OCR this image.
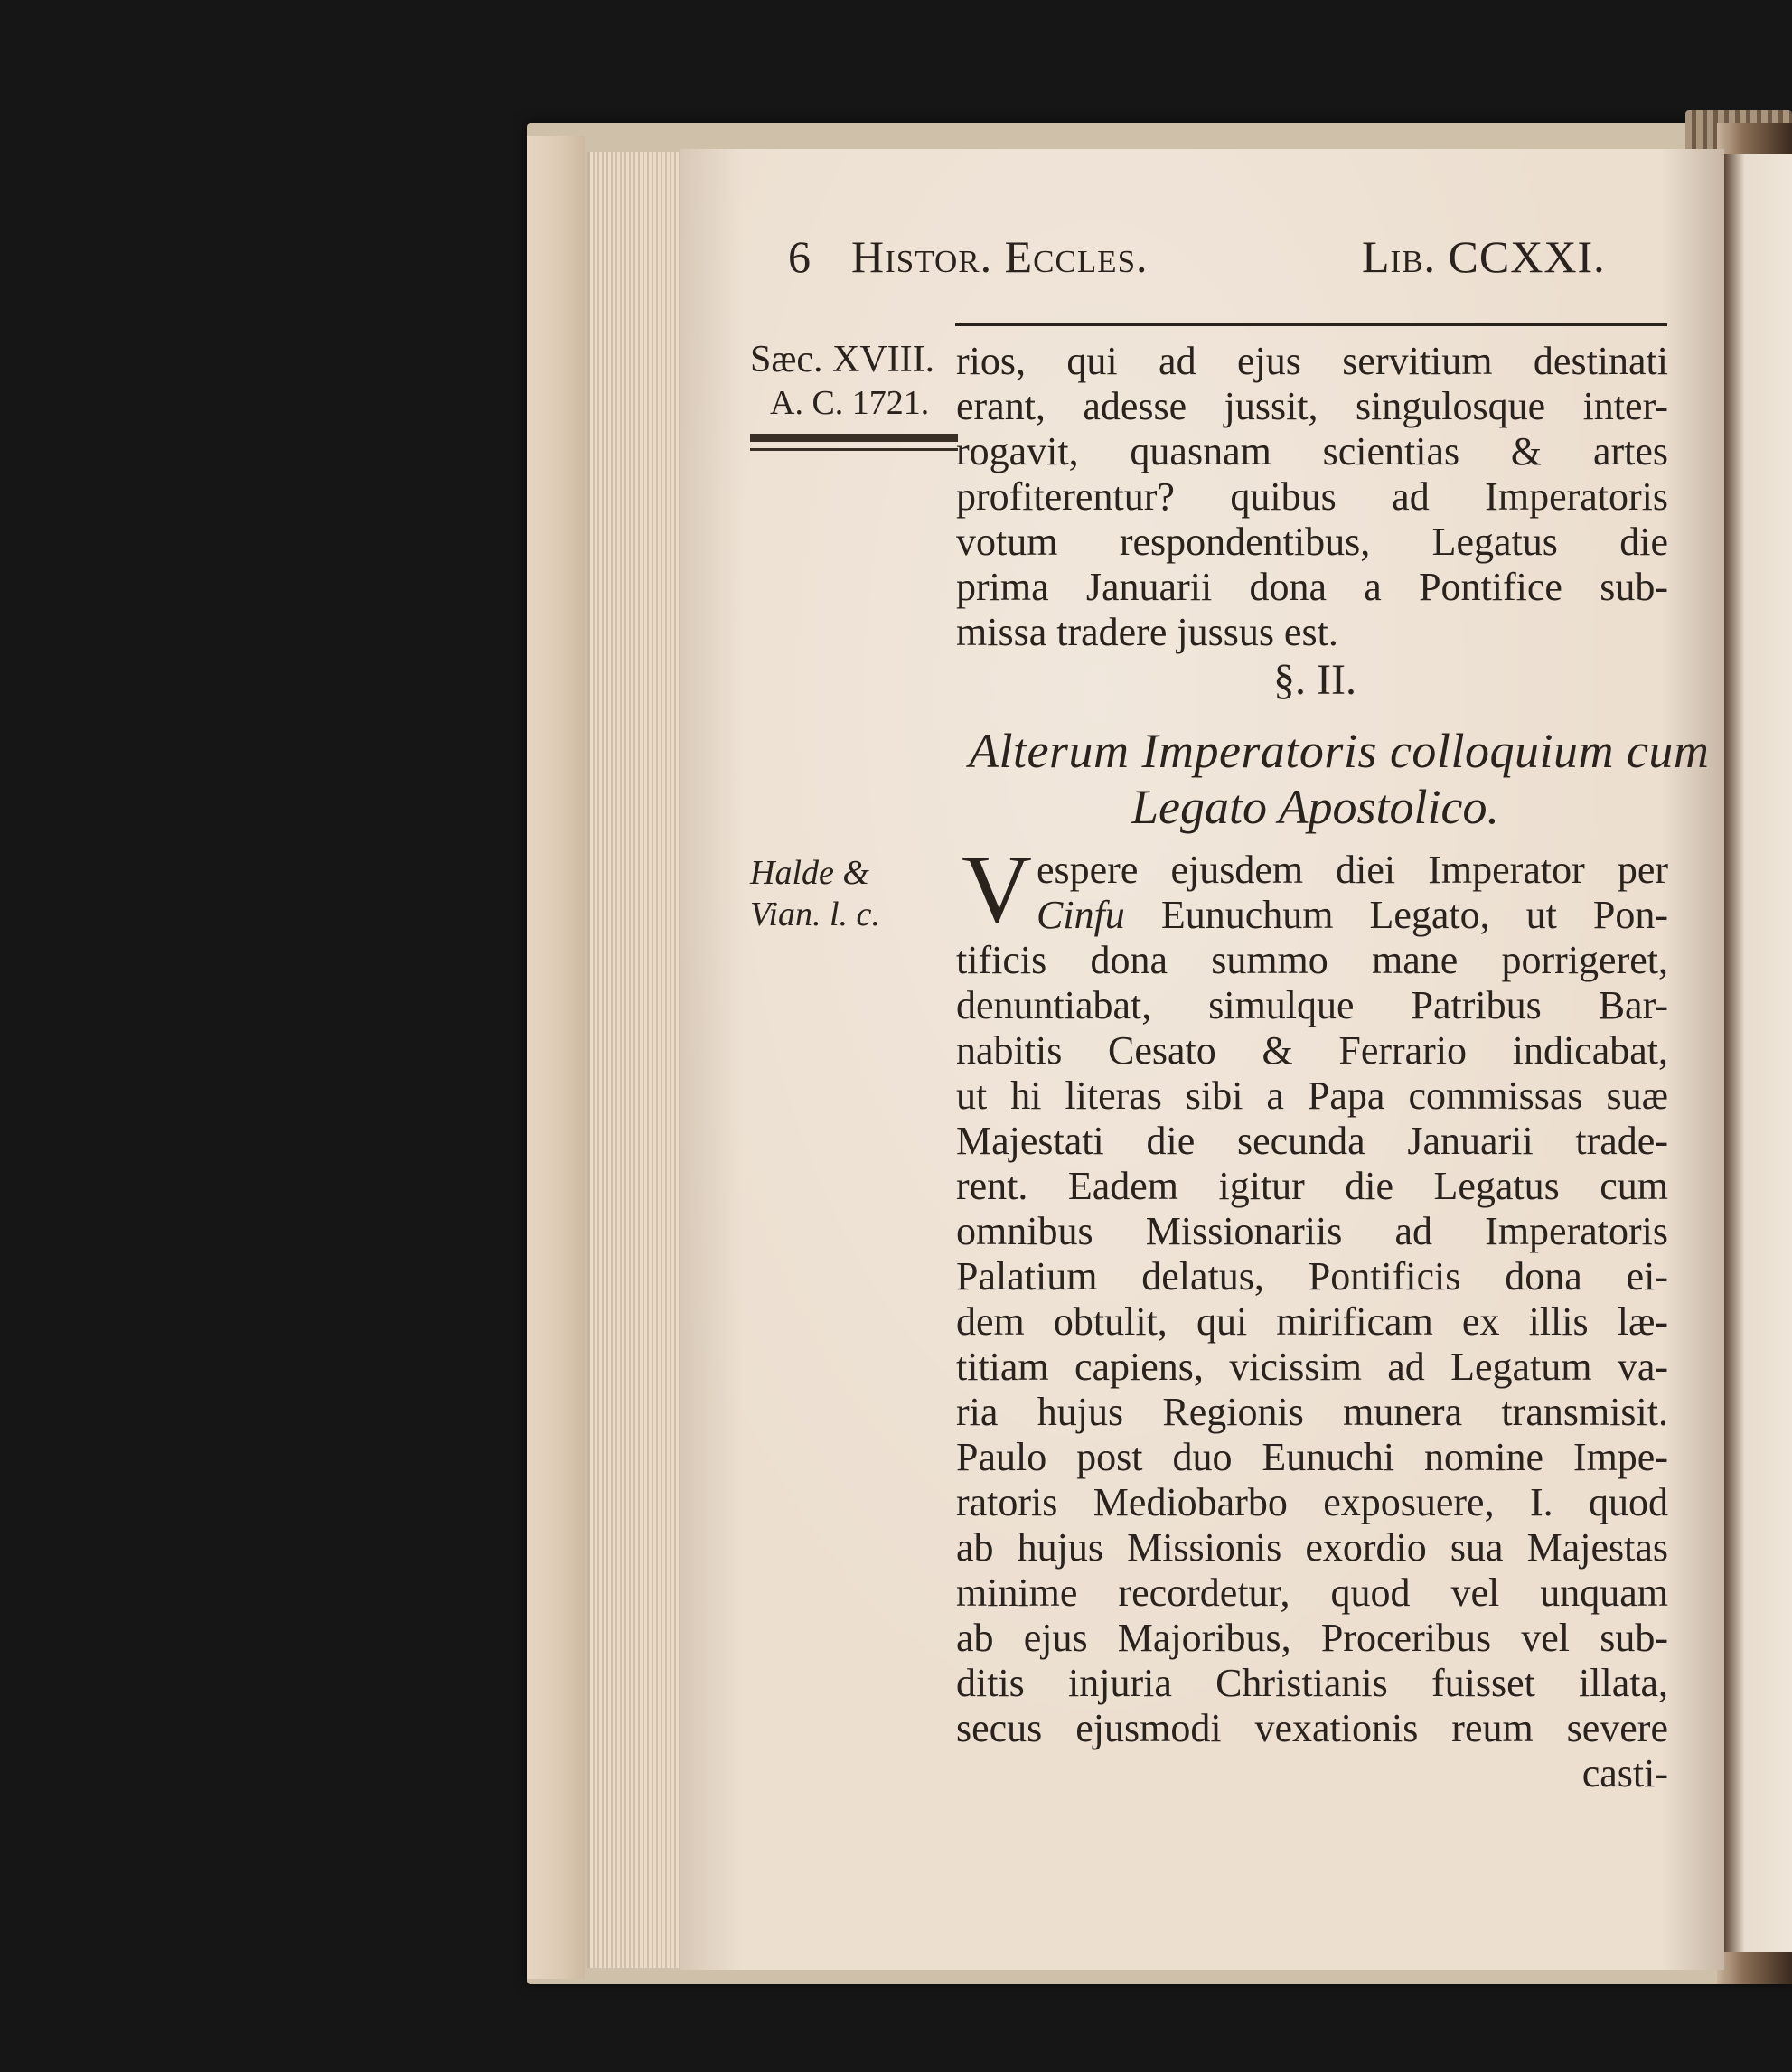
6 Histor. Eccles.	Lib. CCXXI.
Sæc. XVIII.
A. C. 1721.
Halde &
Vian. l. c.
rios, qui ad ejus servitium destinati
erant, adesse jussit, singulosque inter-
rogavit, quasnam scientias & artes
profiterentur? quibus ad Imperatoris
votum respondentibus, Legatus die
prima Januarii dona a Pontifice sub-
missa tradere jussus est.
§. II.
Alterum Imperatoris colloquium cum
Legato Apostolico.
V espere ejusdem diei Imperator per
Cinfu Eunuchum Legato, ut Pon-
tificis dona summo mane porrigeret,
denuntiabat, simulque Patribus Bar-
nabitis Cesato & Ferrario indicabat,
ut hi literas sibi a Papa commissas suæ
Majestati die secunda Januarii trade-
rent. Eadem igitur die Legatus cum
omnibus Missionariis ad Imperatoris
Palatium delatus, Pontificis dona ei-
dem obtulit, qui mirificam ex illis læ-
titiam capiens, vicissim ad Legatum va-
ria hujus Regionis munera transmisit.
Paulo post duo Eunuchi nomine Impe-
ratoris Mediobarbo exposuere, I. quod
ab hujus Missionis exordio sua Majestas
minime recordetur, quod vel unquam
ab ejus Majoribus, Proceribus vel sub-
ditis injuria Christianis fuisset illata,
secus ejusmodi vexationis reum severe
casti-
